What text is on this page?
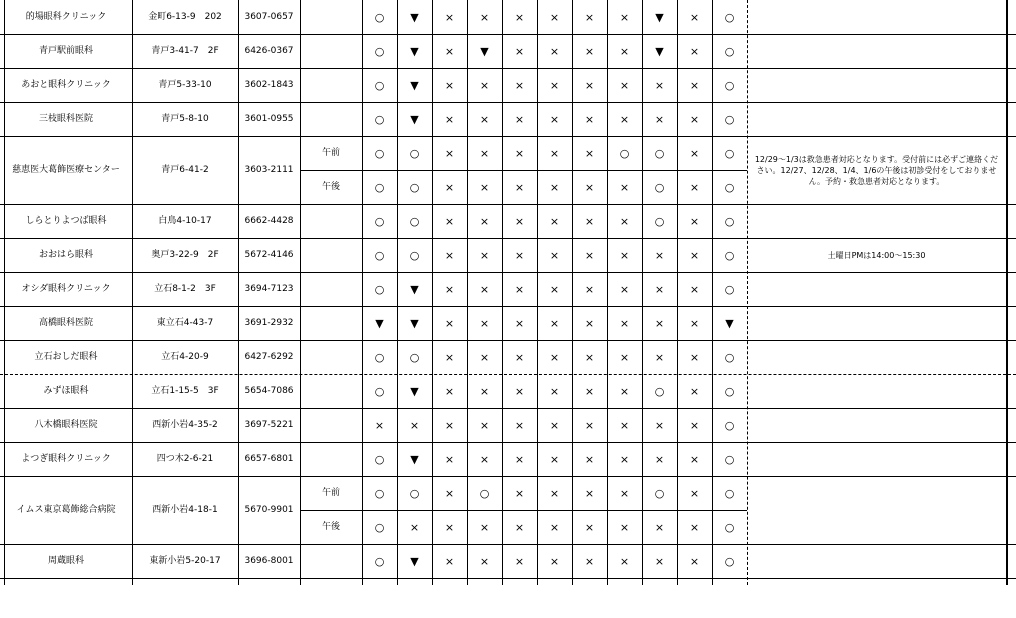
的場眼科クリニック	金町6-13-9　202	3607-0657	○	▼	×	×	×	×	×	×	▼	×	○
青戸駅前眼科	青戸3-41-7　2F	6426-0367	○	▼	×	▼	×	×	×	×	▼	×	○
あおと眼科クリニック	青戸5-33-10	3602-1843	○	▼	×	×	×	×	×	×	×	×	○
三枝眼科医院	青戸5-8-10	3601-0955	○	▼	×	×	×	×	×	×	×	×	○
慈恵医大葛飾医療センター	青戸6-41-2	3603-2111
午前	○	○	×	×	×	×	×	○	○	×	○
午後	○	○	×	×	×	×	×	×	○	×	○
12/29～1/3は救急患者対応となります。受付前には必ずご連絡ください。12/27、12/28、1/4、1/6の午後は初診受付をしておりません。予約・救急患者対応となります。
しらとりよつば眼科	白鳥4-10-17	6662-4428	○	○	×	×	×	×	×	×	○	×	○
おおはら眼科	奥戸3-22-9　2F	5672-4146	○	○	×	×	×	×	×	×	×	×	○	土曜日PMは14:00～15:30
オシダ眼科クリニック	立石8-1-2　3F	3694-7123	○	▼	×	×	×	×	×	×	×	×	○
高橋眼科医院	東立石4-43-7	3691-2932	▼	▼	×	×	×	×	×	×	×	×	▼
立石おしだ眼科	立石4-20-9	6427-6292	○	○	×	×	×	×	×	×	×	×	○
みずほ眼科	立石1-15-5　3F	5654-7086	○	▼	×	×	×	×	×	×	○	×	○
八木橋眼科医院	西新小岩4-35-2	3697-5221	×	×	×	×	×	×	×	×	×	×	○
よつぎ眼科クリニック	四つ木2-6-21	6657-6801	○	▼	×	×	×	×	×	×	×	×	○
イムス東京葛飾総合病院	西新小岩4-18-1	5670-9901
午前	○	○	×	○	×	×	×	×	○	×	○
午後	○	×	×	×	×	×	×	×	×	×	○
周蔵眼科	東新小岩5-20-17	3696-8001	○	▼	×	×	×	×	×	×	×	×	○
